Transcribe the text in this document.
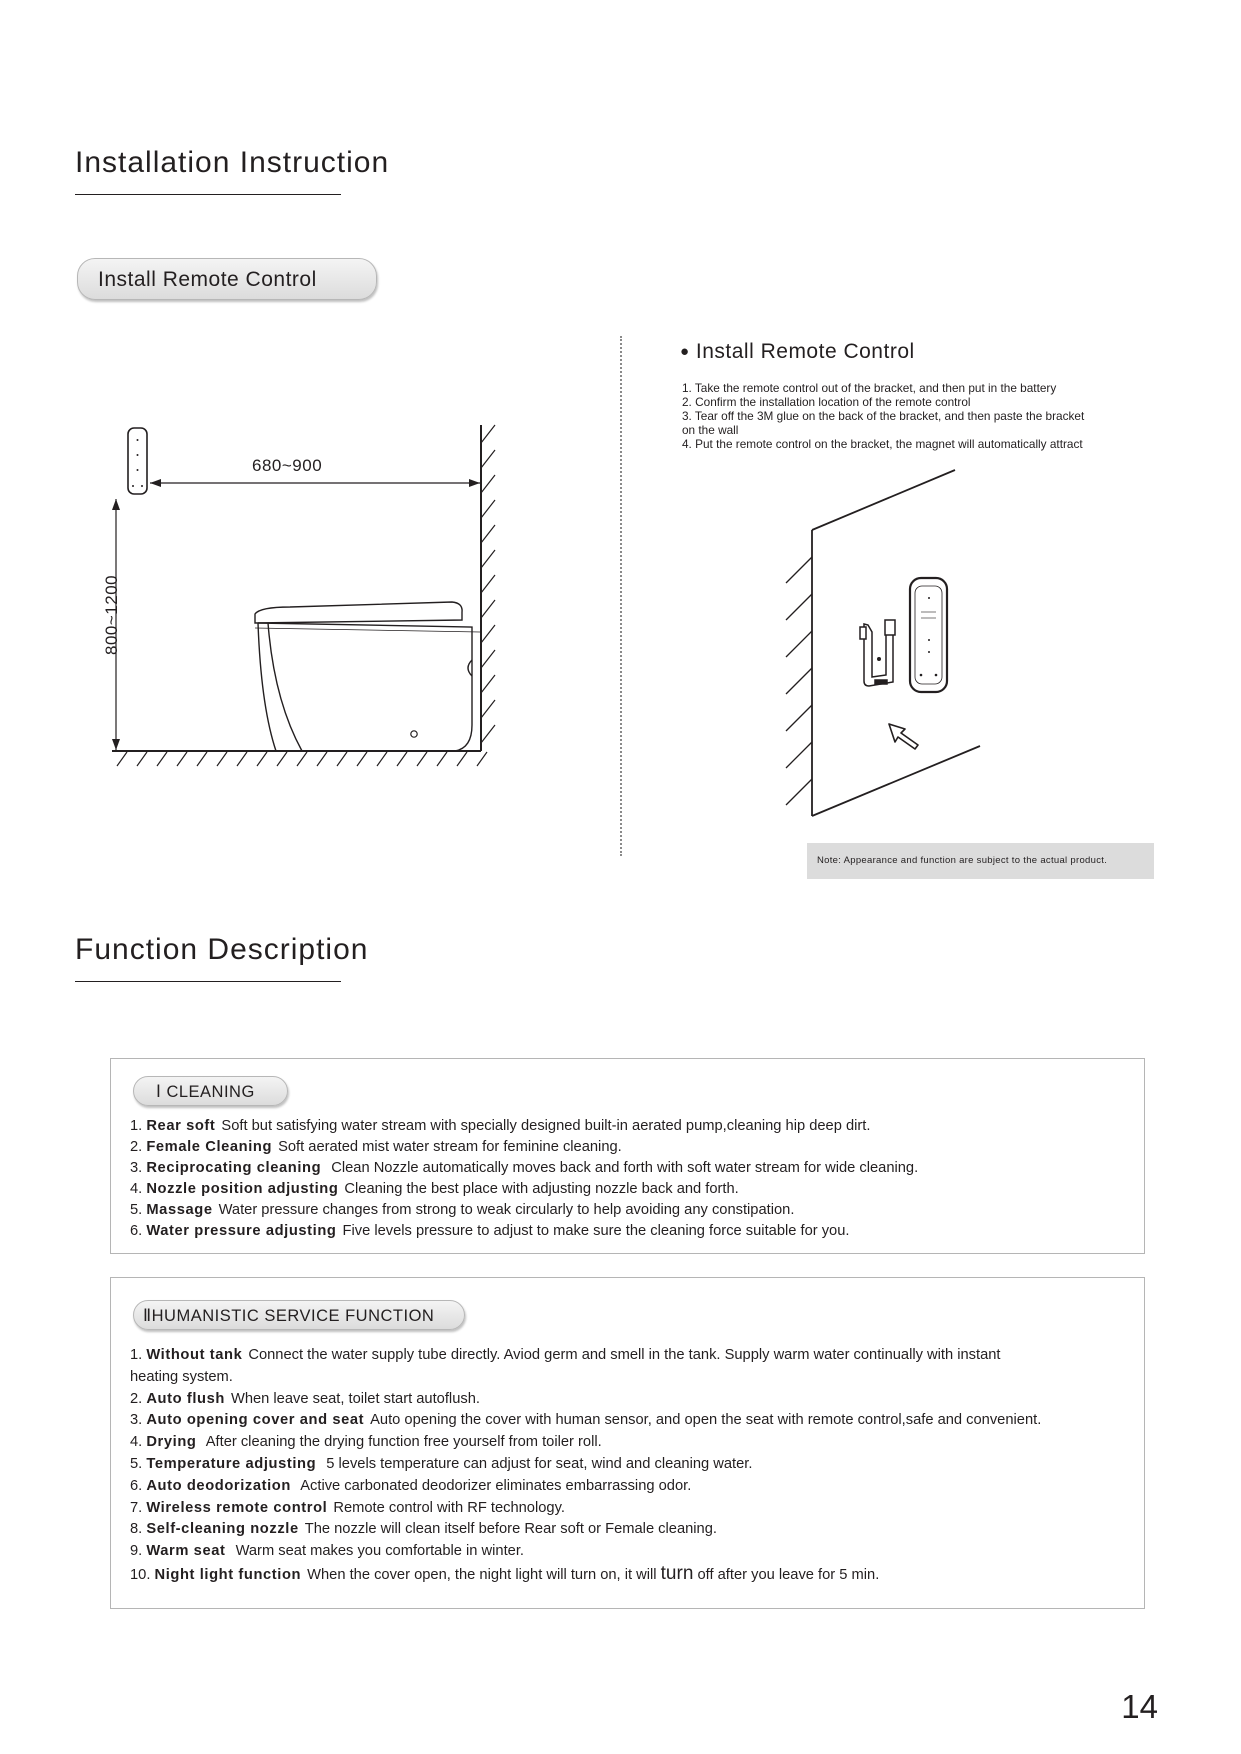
Installation Instruction
Install Remote Control
680~900
800~1200
● Install Remote Control
1. Take the remote control out of the bracket, and then put in the battery
2. Confirm the installation location of the remote control
3. Tear off the 3M glue on the back of the bracket, and then paste the bracket
on the wall
4. Put the remote control on the bracket, the magnet will automatically attract
Note: Appearance and function are subject to the actual product.
Function Description
Ⅰ CLEANING
1. Rear soft Soft but satisfying water stream with specially designed built-in aerated pump,cleaning hip deep dirt.
2. Female Cleaning Soft aerated mist water stream for feminine cleaning.
3. Reciprocating cleaning Clean Nozzle automatically moves back and forth with soft water stream for wide cleaning.
4. Nozzle position adjusting Cleaning the best place with adjusting nozzle back and forth.
5. Massage Water pressure changes from strong to weak circularly to help avoiding any constipation.
6. Water pressure adjusting Five levels pressure to adjust to make sure the cleaning force suitable for you.
ⅡHUMANISTIC SERVICE FUNCTION
1. Without tank Connect the water supply tube directly. Aviod germ and smell in the tank. Supply warm water continually with instant
heating system.
2. Auto flush When leave seat, toilet start autoflush.
3. Auto opening cover and seat Auto opening the cover with human sensor, and open the seat with remote control,safe and convenient.
4. Drying After cleaning the drying function free yourself from toiler roll.
5. Temperature adjusting 5 levels temperature can adjust for seat, wind and cleaning water.
6. Auto deodorization Active carbonated deodorizer eliminates embarrassing odor.
7. Wireless remote control Remote control with RF technology.
8. Self-cleaning nozzle The nozzle will clean itself before Rear soft or Female cleaning.
9. Warm seat Warm seat makes you comfortable in winter.
10. Night light function When the cover open, the night light will turn on, it will turn off after you leave for 5 min.
14
